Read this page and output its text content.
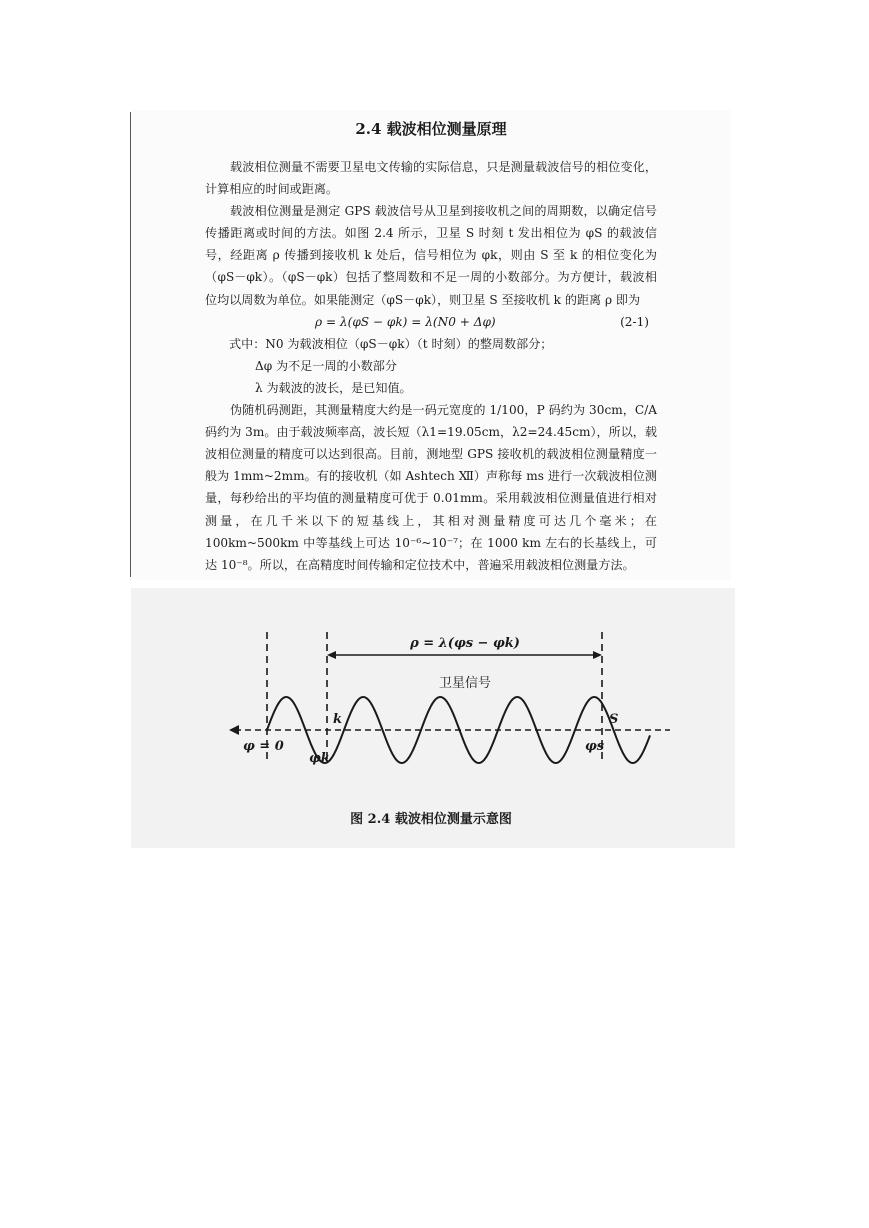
2.4 载波相位测量原理

载波相位测量不需要卫星电文传输的实际信息，只是测量载波信号的相位变化，计算相应的时间或距离。

载波相位测量是测定 GPS 载波信号从卫星到接收机之间的周期数，以确定信号传播距离或时间的方法。如图 2.4 所示，卫星 S 时刻 t 发出相位为 φS 的载波信号，经距离 ρ 传播到接收机 k 处后，信号相位为 φk，则由 S 至 k 的相位变化为（φS－φk）。（φS－φk）包括了整周数和不足一周的小数部分。为方便计，载波相位均以周数为单位。如果能测定（φS－φk），则卫星 S 至接收机 k 的距离 ρ 即为

ρ = λ(φS − φk) = λ(N0 + Δφ)	(2-1)

式中：N0 为载波相位（φS－φk）（t 时刻）的整周数部分；

Δφ 为不足一周的小数部分

λ 为载波的波长，是已知值。

伪随机码测距，其测量精度大约是一码元宽度的 1/100，P 码约为 30cm，C/A 码约为 3m。由于载波频率高，波长短（λ1=19.05cm，λ2=24.45cm），所以，载波相位测量的精度可以达到很高。目前，测地型 GPS 接收机的载波相位测量精度一般为 1mm~2mm。有的接收机（如 Ashtech Ⅻ）声称每 ms 进行一次载波相位测量，每秒给出的平均值的测量精度可优于 0.01mm。采用载波相位测量值进行相对测量，在几千米以下的短基线上，其相对测量精度可达几个毫米；在 100km~500km 中等基线上可达 10⁻⁶~10⁻⁷；在 1000 km 左右的长基线上，可达 10⁻⁸。所以，在高精度时间传输和定位技术中，普遍采用载波相位测量方法。

ρ = λ(φs − φk)
卫星信号
k	S
φ = 0
φk
φs

图 2.4 载波相位测量示意图
